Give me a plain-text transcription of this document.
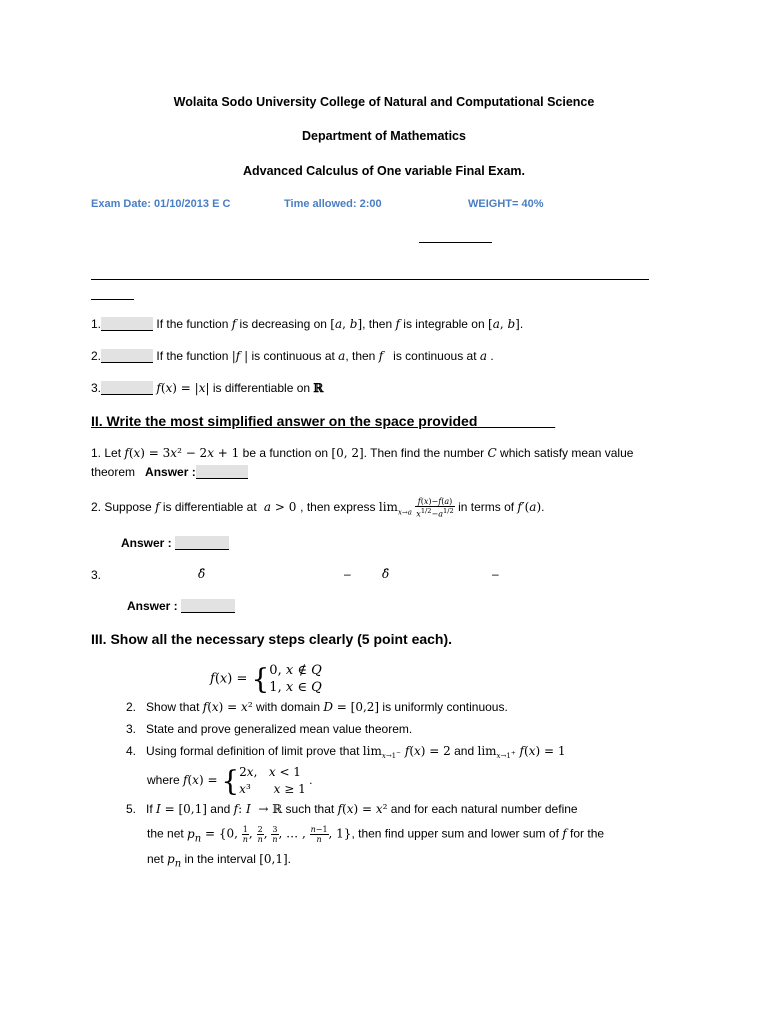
Wolaita Sodo University College of Natural and Computational Science
Department of Mathematics
Advanced Calculus of One variable Final Exam.
Exam Date: 01/10/2013 E C	Time allowed: 2:00	WEIGHT= 40%
1.	If the function f is decreasing on [a, b], then f is integrable on [a, b].
2.	If the function |f | is continuous at a, then f   is continuous at a .
3.	f(x) = |x| is differentiable on ℝ
II. Write the most simplified answer on the space provided
1. Let f(x) = 3x² − 2x + 1 be a function on [0, 2]. Then find the number C which satisfy mean value
theorem Answer :
2. Suppose f is differentiable at  a > 0 , then express $\lim_{x\to a} \frac{f(x)-f(a)}{x^{1/2}-a^{1/2}}$ in terms of f′(a).
Answer :
3.	δ̂	–	δ̂	–
Answer :
III. Show all the necessary steps clearly (5 point each).
f(x) = {0, x ∉ Q
1, x ∈ Q
2. Show that f(x) = x² with domain D = [0,2] is uniformly continuous.
3. State and prove generalized mean value theorem.
4. Using formal definition of limit prove that $\lim_{x\to 1^-} f(x) = 2$ and $\lim_{x\to 1^+} f(x) = 1$
where f(x) = {2x,   x < 1
x³      x ≥ 1 .
5. If I = [0,1] and f: I  → ℝ such that f(x) = x² and for each natural number define
the net $p_n = \{0$, $\frac{1}{n}$ , $\frac{2}{n}$ , $\frac{3}{n}$ , … , $\frac{n-1}{n}$ , 1}, then find upper sum and lower sum of f for the
net $p_n$ in the interval [0,1].
